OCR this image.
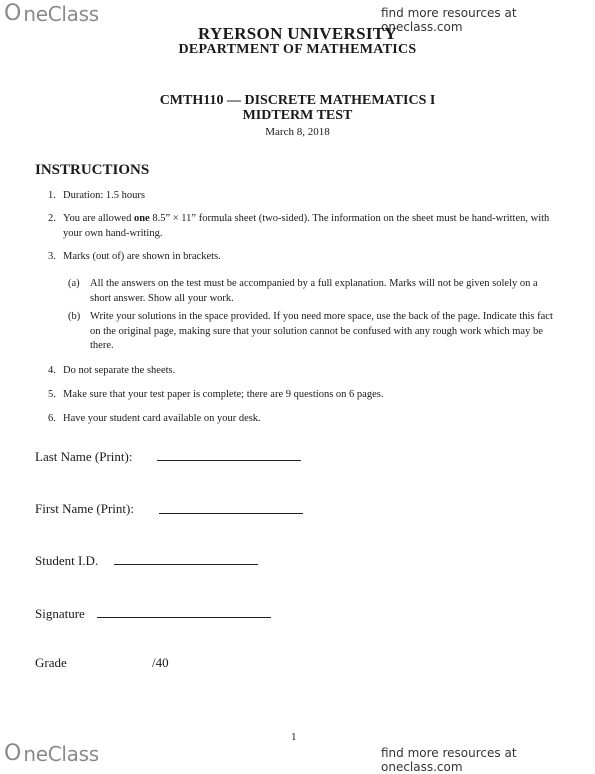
O neClass	find more resources at oneclass.com
RYERSON UNIVERSITY
DEPARTMENT OF MATHEMATICS
CMTH110 — DISCRETE MATHEMATICS I
MIDTERM TEST
March 8, 2018
INSTRUCTIONS
1. Duration: 1.5 hours
2. You are allowed one 8.5” × 11” formula sheet (two-sided). The information on the sheet must be hand-written, with your own hand-writing.
3. Marks (out of) are shown in brackets.
(a) All the answers on the test must be accompanied by a full explanation. Marks will not be given solely on a short answer. Show all your work.
(b) Write your solutions in the space provided. If you need more space, use the back of the page. Indicate this fact on the original page, making sure that your solution cannot be confused with any rough work which may be there.
4. Do not separate the sheets.
5. Make sure that your test paper is complete; there are 9 questions on 6 pages.
6. Have your student card available on your desk.
Last Name (Print):
First Name (Print):
Student I.D.
Signature
Grade	/40
1
O neClass	find more resources at oneclass.com
